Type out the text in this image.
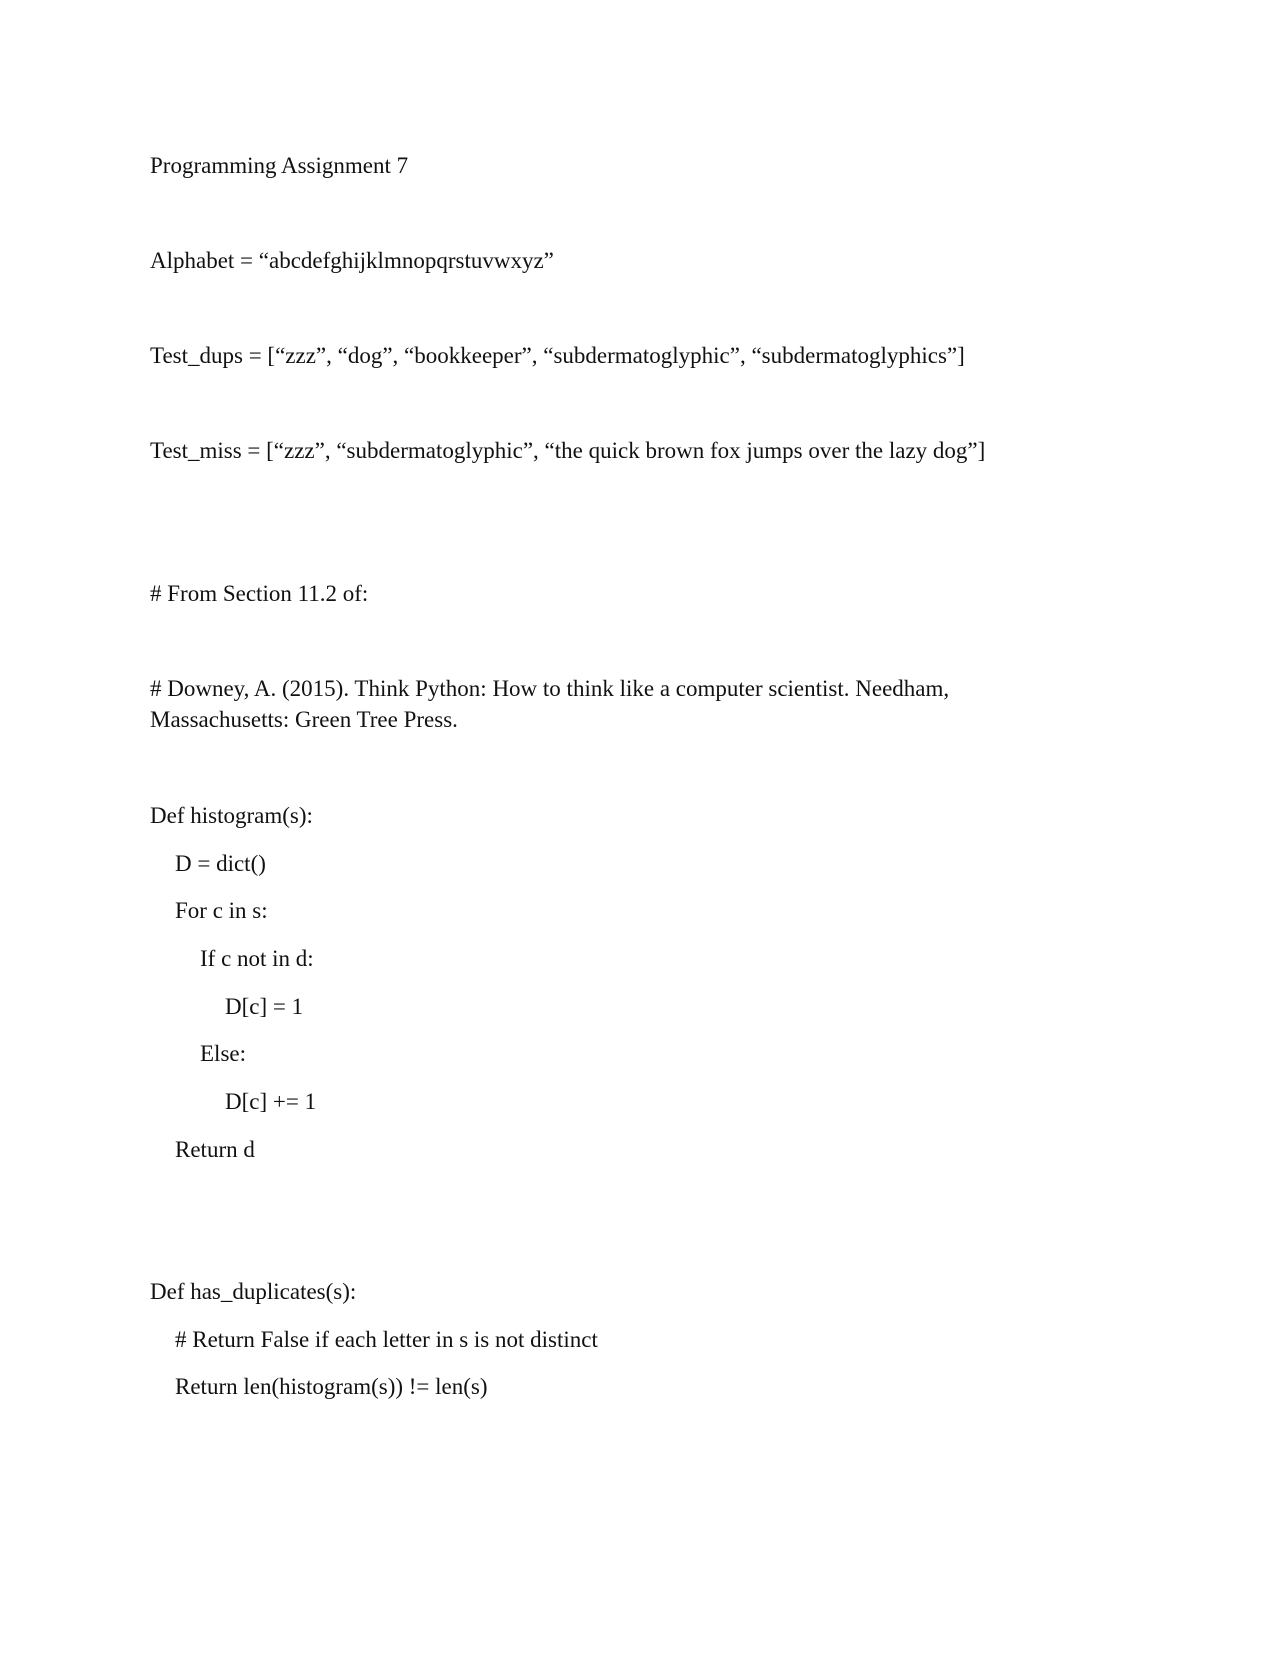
Programming Assignment 7

Alphabet = “abcdefghijklmnopqrstuvwxyz”

Test_dups = [“zzz”, “dog”, “bookkeeper”, “subdermatoglyphic”, “subdermatoglyphics”]

Test_miss = [“zzz”, “subdermatoglyphic”, “the quick brown fox jumps over the lazy dog”]

# From Section 11.2 of:

# Downey, A. (2015). Think Python: How to think like a computer scientist. Needham, Massachusetts: Green Tree Press.

Def histogram(s):

D = dict()

For c in s:

If c not in d:

D[c] = 1

Else:

D[c] += 1

Return d

Def has_duplicates(s):

# Return False if each letter in s is not distinct

Return len(histogram(s)) != len(s)
